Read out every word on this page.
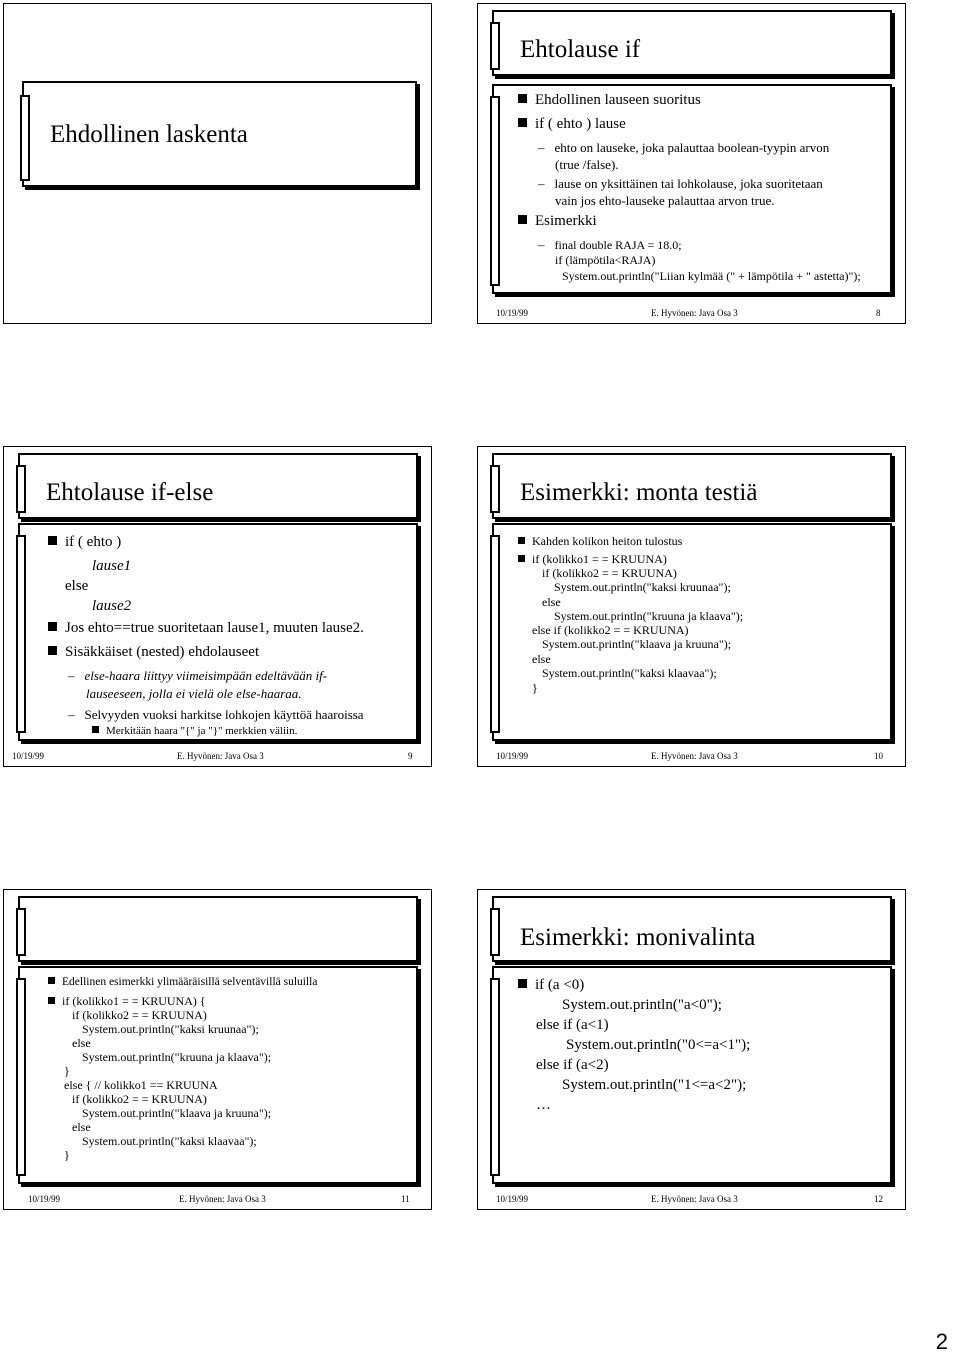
Ehdollinen laskenta
Ehtolause if
Ehdollinen lauseen suoritus
if ( ehto ) lause
– ehto on lauseke, joka palauttaa boolean-tyypin arvon
(true /false).
– lause on yksittäinen tai lohkolause, joka suoritetaan
vain jos ehto-lauseke palauttaa arvon true.
Esimerkki
– final double RAJA = 18.0;
if (lämpötila<RAJA)
System.out.println("Liian kylmää (" + lämpötila + " astetta)");
10/19/99	E. Hyvönen: Java Osa 3	8
Ehtolause if-else
if ( ehto )
lause1
else
lause2
Jos ehto==true suoritetaan lause1, muuten lause2.
Sisäkkäiset (nested) ehdolauseet
– else-haara liittyy viimeisimpään edeltävään if-
lauseeseen, jolla ei vielä ole else-haaraa.
– Selvyyden vuoksi harkitse lohkojen käyttöä haaroissa
Merkitään haara "{" ja "}" merkkien väliin.
10/19/99	E. Hyvönen: Java Osa 3	9
Esimerkki: monta testiä
Kahden kolikon heiton tulostus
if (kolikko1 = = KRUUNA)
if (kolikko2 = = KRUUNA)
System.out.println("kaksi kruunaa");
else
System.out.println("kruuna ja klaava");
else if (kolikko2 = = KRUUNA)
System.out.println("klaava ja kruuna");
else
System.out.println("kaksi klaavaa");
}
10/19/99	E. Hyvönen: Java Osa 3	10
Edellinen esimerkki ylimääräisillä selventävillä suluilla
if (kolikko1 = = KRUUNA) {
if (kolikko2 = = KRUUNA)
System.out.println("kaksi kruunaa");
else
System.out.println("kruuna ja klaava");
}
else { // kolikko1 == KRUUNA
if (kolikko2 = = KRUUNA)
System.out.println("klaava ja kruuna");
else
System.out.println("kaksi klaavaa");
}
10/19/99	E. Hyvönen: Java Osa 3	11
Esimerkki: monivalinta
if (a <0)
System.out.println("a<0");
else if (a<1)
System.out.println("0<=a<1");
else if (a<2)
System.out.println("1<=a<2");
…
10/19/99	E. Hyvönen: Java Osa 3	12
2
